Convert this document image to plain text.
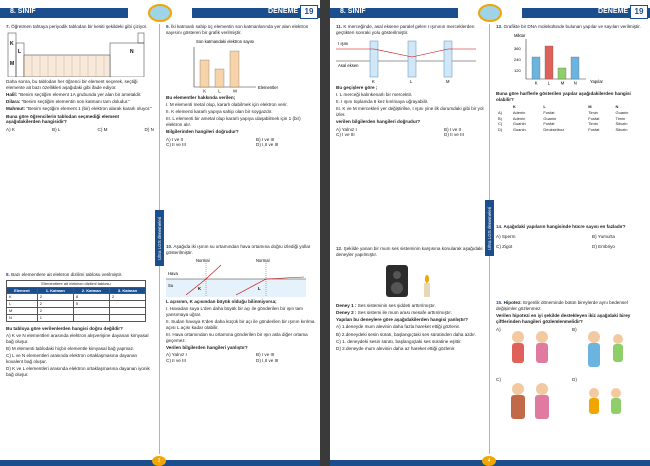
8. SINIF	DENEME 19
Ultra LGS denemeleri

7. Öğretmen tahtaya periyodik tablodan bir kesiti şekildeki gibi çiziyor.

K
L
M
N

Daha sonra, bu tablodan her öğrenci bir element seçerek, seçtiği elemente ait bazı özellikleri aşağıdaki gibi ifade ediyor.

Halil: "Benim seçtiğim element 1A grubunda yer alan bir ametaldir.

Dilara: "Benim seçtiğim elementin son katmanı tam doludur."

Mahmut: "Benim seçtiğim element 1 (bir) elektron alarak kararlı oluyor."

Buna göre öğrencilerin tablodan seçmediği element aşağıdakilerden hangisidir?

A) K	B) L	C) M	D) N

8. Bazı elementlere ait elektron dizilimi tablosu verilmiştir.

Elementlere ait elektron dizilimi tablosu			
Element	1. Katman	2. Katman	3. Katman
K	2	8	2
L	2	5	
M	2		
N	1		

Bu tabloya göre verilenlerden hangisi doğru değildir?

A) K ve N elementleri arasında elektron alışverişine dayanan kimyasal bağ oluşur.

B) M elementi tablodaki hiçbir elementle kimyasal bağ yapmaz.

C) L ve N elementleri arasında elektron ortaklaşmasına dayanan kovalent bağ oluşur.

D) K ve L elementleri arasında elektron ortaklaşmasına dayanan iyonik bağ oluşur.

9. İki katmanlı sahip üç elementin son katmanlarında yer alan elektron sayısını gösteren bir grafik verilmiştir.

Son katmandaki elektron sayısı
K	L	M
Elementler

Bu elementler hakkında verilen;

I. M elementi metal olup, kararlı olabilmek için elektron verir.

II. K elementi kararlı yapıya sahip olan bir soygazdır.

III. L elementi bir ametal olup kararlı yapıya ulaşabilmek için 1 (bir) elektron alır.

Bilgilerinden hangileri doğrudur?

A) I ve II	B) I ve III
C) II ve III	D) I,II ve III

10. Aşağıda iki ışının su ortamından hava ortamına doğru izlediği yollar gösterilmiştir.

Normal	Normal
Hava
Su
K	L

L açısının, K açısından büyük olduğu bilinmiyorsa;

I. Havadan suya L'den daha büyük bir açı ile gönderilen bir ışın tam yansımaya uğrar.

II. Sudan havaya K'den daha küçük bir açı ile gönderilen bir ışının kırılma açısı L açısı kadar olabilir.

III. Hava ortamından su ortamına gönderilen bir ışın asla diğer ortama geçemez.

Verilen bilgilerden hangileri yanlıştır?

A) Yalnız I	B) I ve III
C) II ve III	D) I,II ve III
3
8. SINIF	DENEME 19
Ultra LGS denemeleri

11. K merceğinde, asal eksene paralel gelen I ışınının merceklerden geçtikten sonraki yolu gösterilmiştir.

I ışını
Asal eksen
K	L	M

Bu geçişlere göre ;

I. L merceği kalınkenarlı bir mercektir.

II. I ışını toplamda 6 kez kırılmaya uğrayabilir.

III. K ve M mercekleri yer değiştirilse, I ışını yine ilk durumdaki gibi bir yol izler.

verilen bilgilerden hangileri doğrudur?

A) Yalnız I	B) I ve II
C) I ve III	D) II ve III

12. Şekilde yanan bir mum ses sisteminin karşısına konularak aşağıdaki deneyler yapılmıştır.

Deney 1 : Ses sisteminin ses şiddeti arttırılmıştır.

Deney 2 : Ses sistemi ile mum arası mesafe arttırılmıştır.

Yapılan bu deneylere göre aşağıdakilerden hangisi yanlıştır?

A) 1.deneyde mum alevinin daha fazla hareket ettiği gözlenir.

B) 2.deneydeki sesin süratı, başlangıçtaki ses süratinden daha azdır.

C) 1. deneydeki sesin süratı, başlangıçtaki ses süratine eşittir.

D) 2.deneyde mum alevinin daha az hareket ettiği gözlenir.

13. Grafikte bir DNA molekülünde bulunan yapılar ve sayıları verilmiştir.

Miktar
360
240
120
K L	M N	Yapılar

Buna göre harflerle gösterilen yapılar aşağıdakilerden hangisi olabilir?

	K	L	M	N
A)	Adenin	Fosfat	Timin	Guanin
B)	Adenin	Guanin	Fosfat	Timin
C)	Guanin	Fosfat	Timin	Sitozin
D)	Guanin	Deoksiriboz	Fosfat	Sitozin

14. Aşağıdaki yapıların hangisinde hücre sayısı en fazladır?

A) Sperm	B) Yumurta
C) Zigot	D) Embriyo

15. Hipotez: Ergenlik döneminde bütün bireylerde aynı bedensel değişimler gözlenmez.

Verilen hipotezi en iyi şekilde destekleyen ikiz aşağıdaki birey çiftlerinden hangileri gözlemlenmelidir?

A)	B)
C)	D)
4
